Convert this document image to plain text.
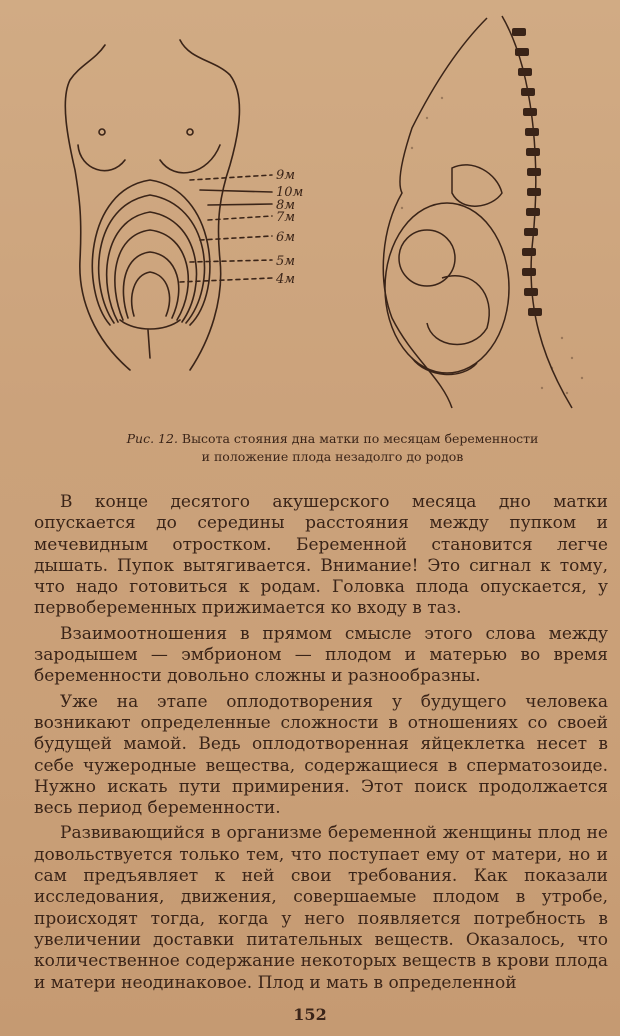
9м
10м
8м
7м
6м
5м
4м
Рис. 12. Высота стояния дна матки по месяцам беременности
и положение плода незадолго до родов

В конце десятого акушерского месяца дно матки опускается до середины расстояния между пупком и мечевидным отростком. Беременной становится легче дышать. Пупок вытягивается. Внимание! Это сигнал к тому, что надо готовиться к родам. Головка плода опускается, у первобеременных прижимается ко входу в таз.

Взаимоотношения в прямом смысле этого слова между зародышем — эмбрионом — плодом и матерью во время беременности довольно сложны и разнообразны.

Уже на этапе оплодотворения у будущего человека возникают определенные сложности в отношениях со своей будущей мамой. Ведь оплодотворенная яйцеклетка несет в себе чужеродные вещества, содержащиеся в сперматозоиде. Нужно искать пути примирения. Этот поиск продолжается весь период беременности.

Развивающийся в организме беременной женщины плод не довольствуется только тем, что поступает ему от матери, но и сам предъявляет к ней свои требования. Как показали исследования, движения, совершаемые плодом в утробе, происходят тогда, когда у него появляется потребность в увеличении доставки питательных веществ. Оказалось, что количественное содержание некоторых веществ в крови плода и матери неодинаковое. Плод и мать в определенной

152
